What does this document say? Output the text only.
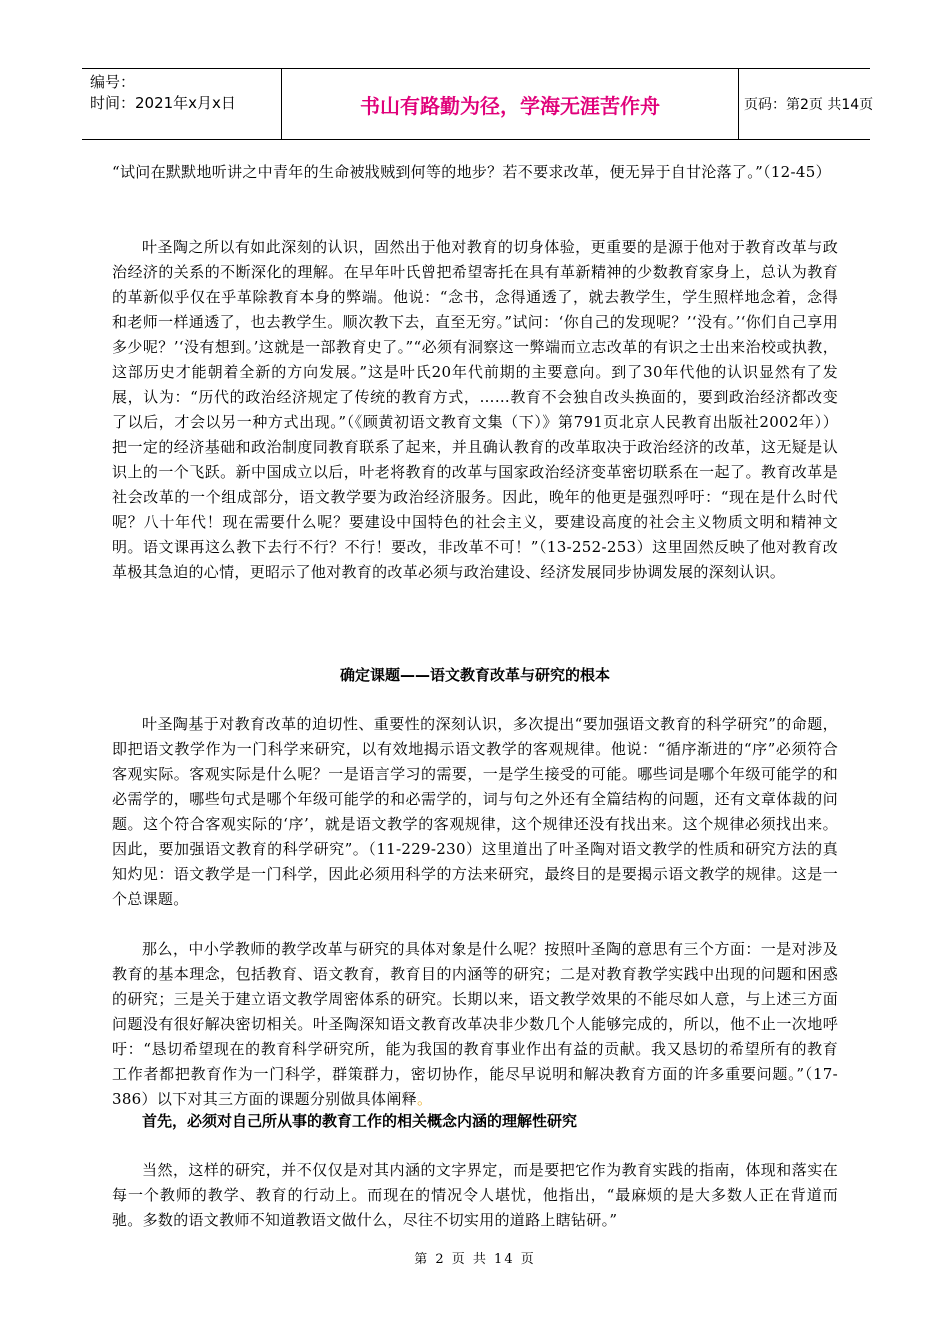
编号：
时间：2021年x月x日	书山有路勤为径，学海无涯苦作舟	页码：第2页 共14页

“试问在默默地听讲之中青年的生命被戕贼到何等的地步？若不要求改革，便无异于自甘沦落了。”（12-45）

叶圣陶之所以有如此深刻的认识，固然出于他对教育的切身体验，更重要的是源于他对于教育改革与政治经济的关系的不断深化的理解。在早年叶氏曾把希望寄托在具有革新精神的少数教育家身上，总认为教育的革新似乎仅在乎革除教育本身的弊端。他说：“念书，念得通透了，就去教学生，学生照样地念着，念得和老师一样通透了，也去教学生。顺次教下去，直至无穷。”试问：‘你自己的发现呢？’‘没有。’‘你们自己享用多少呢？’‘没有想到。’这就是一部教育史了。”“必须有洞察这一弊端而立志改革的有识之士出来治校或执教，这部历史才能朝着全新的方向发展。”这是叶氏20年代前期的主要意向。到了30年代他的认识显然有了发展，认为：“历代的政治经济规定了传统的教育方式，……教育不会独自改头换面的，要到政治经济都改变了以后，才会以另一种方式出现。”（《顾黄初语文教育文集（下）》第791页北京人民教育出版社2002年））把一定的经济基础和政治制度同教育联系了起来，并且确认教育的改革取决于政治经济的改革，这无疑是认识上的一个飞跃。新中国成立以后，叶老将教育的改革与国家政治经济变革密切联系在一起了。教育改革是社会改革的一个组成部分，语文教学要为政治经济服务。因此，晚年的他更是强烈呼吁：“现在是什么时代呢？八十年代！现在需要什么呢？要建设中国特色的社会主义，要建设高度的社会主义物质文明和精神文明。语文课再这么教下去行不行？不行！要改，非改革不可！”（13-252-253）这里固然反映了他对教育改革极其急迫的心情，更昭示了他对教育的改革必须与政治建设、经济发展同步协调发展的深刻认识。

确定课题——语文教育改革与研究的根本

叶圣陶基于对教育改革的迫切性、重要性的深刻认识，多次提出“要加强语文教育的科学研究”的命题，即把语文教学作为一门科学来研究，以有效地揭示语文教学的客观规律。他说：“循序渐进的“序”必须符合客观实际。客观实际是什么呢？一是语言学习的需要，一是学生接受的可能。哪些词是哪个年级可能学的和必需学的，哪些句式是哪个年级可能学的和必需学的，词与句之外还有全篇结构的问题，还有文章体裁的问题。这个符合客观实际的‘序’，就是语文教学的客观规律，这个规律还没有找出来。这个规律必须找出来。因此，要加强语文教育的科学研究”。（11-229-230）这里道出了叶圣陶对语文教学的性质和研究方法的真知灼见：语文教学是一门科学，因此必须用科学的方法来研究，最终目的是要揭示语文教学的规律。这是一个总课题。

那么，中小学教师的教学改革与研究的具体对象是什么呢？按照叶圣陶的意思有三个方面：一是对涉及教育的基本理念，包括教育、语文教育，教育目的内涵等的研究；二是对教育教学实践中出现的问题和困惑的研究；三是关于建立语文教学周密体系的研究。长期以来，语文教学效果的不能尽如人意，与上述三方面问题没有很好解决密切相关。叶圣陶深知语文教育改革决非少数几个人能够完成的，所以，他不止一次地呼吁：“恳切希望现在的教育科学研究所，能为我国的教育事业作出有益的贡献。我又恳切的希望所有的教育工作者都把教育作为一门科学，群策群力，密切协作，能尽早说明和解决教育方面的许多重要问题。”（17-386）以下对其三方面的课题分别做具体阐释。

首先，必须对自己所从事的教育工作的相关概念内涵的理解性研究

当然，这样的研究，并不仅仅是对其内涵的文字界定，而是要把它作为教育实践的指南，体现和落实在每一个教师的教学、教育的行动上。而现在的情况令人堪忧，他指出，“最麻烦的是大多数人正在背道而驰。多数的语文教师不知道教语文做什么，尽往不切实用的道路上瞎钻研。”

第 2 页 共 14 页
